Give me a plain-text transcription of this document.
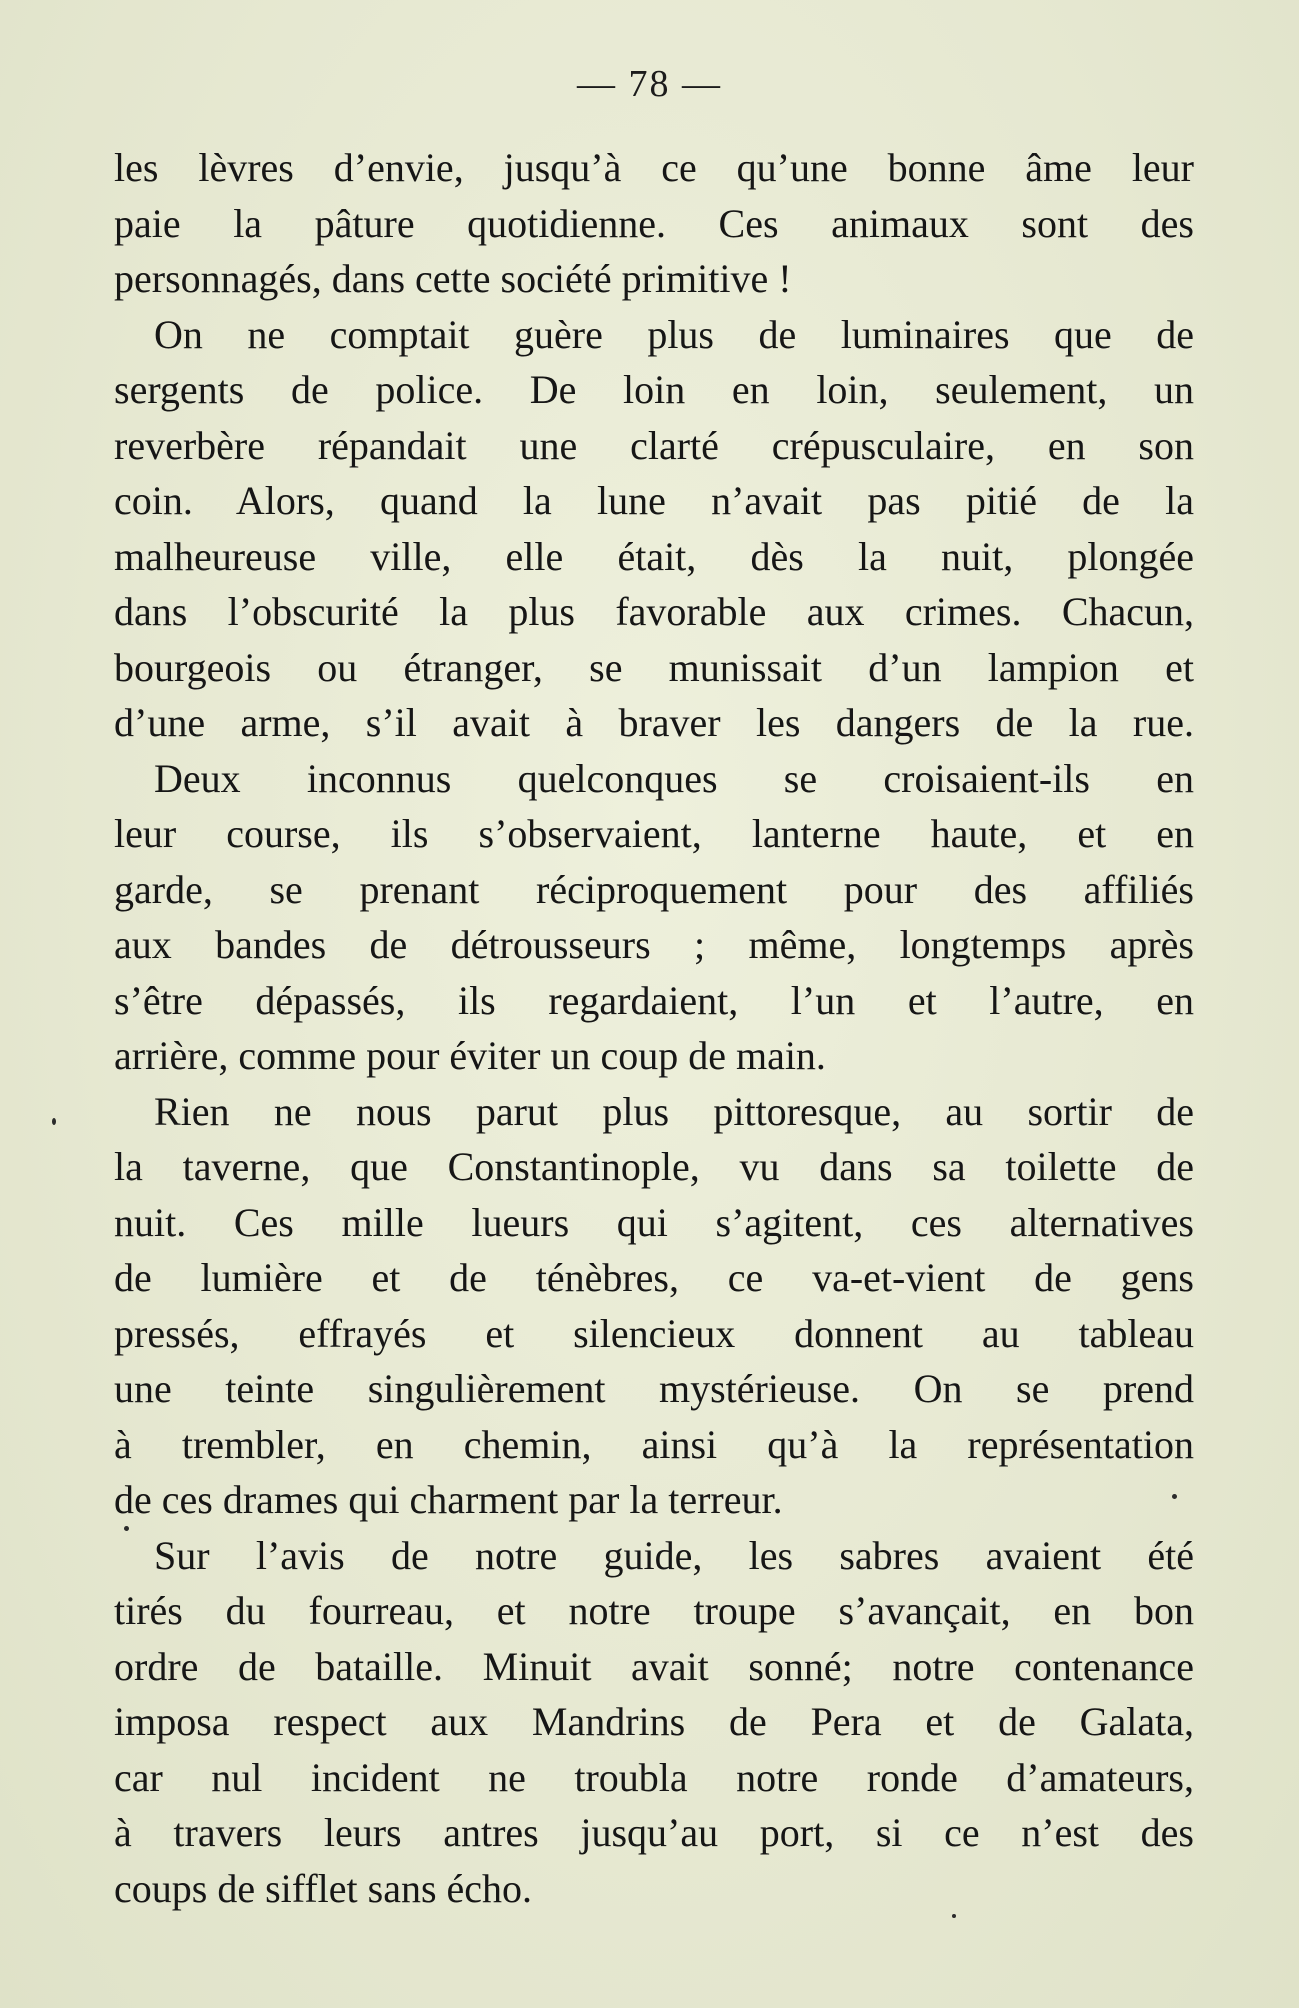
— 78 —
les lèvres d’envie, jusqu’à ce qu’une bonne âme leur
paie la pâture quotidienne. Ces animaux sont des
personnagés, dans cette société primitive !
On ne comptait guère plus de luminaires que de
sergents de police. De loin en loin, seulement, un
reverbère répandait une clarté crépusculaire, en son
coin. Alors, quand la lune n’avait pas pitié de la
malheureuse ville, elle était, dès la nuit, plongée
dans l’obscurité la plus favorable aux crimes. Chacun,
bourgeois ou étranger, se munissait d’un lampion et
d’une arme, s’il avait à braver les dangers de la rue.
Deux inconnus quelconques se croisaient-ils en
leur course, ils s’observaient, lanterne haute, et en
garde, se prenant réciproquement pour des affiliés
aux bandes de détrousseurs ; même, longtemps après
s’être dépassés, ils regardaient, l’un et l’autre, en
arrière, comme pour éviter un coup de main.
Rien ne nous parut plus pittoresque, au sortir de
la taverne, que Constantinople, vu dans sa toilette de
nuit. Ces mille lueurs qui s’agitent, ces alternatives
de lumière et de ténèbres, ce va-et-vient de gens
pressés, effrayés et silencieux donnent au tableau
une teinte singulièrement mystérieuse. On se prend
à trembler, en chemin, ainsi qu’à la représentation
de ces drames qui charment par la terreur.
Sur l’avis de notre guide, les sabres avaient été
tirés du fourreau, et notre troupe s’avançait, en bon
ordre de bataille. Minuit avait sonné; notre contenance
imposa respect aux Mandrins de Pera et de Galata,
car nul incident ne troubla notre ronde d’amateurs,
à travers leurs antres jusqu’au port, si ce n’est des
coups de sifflet sans écho.
